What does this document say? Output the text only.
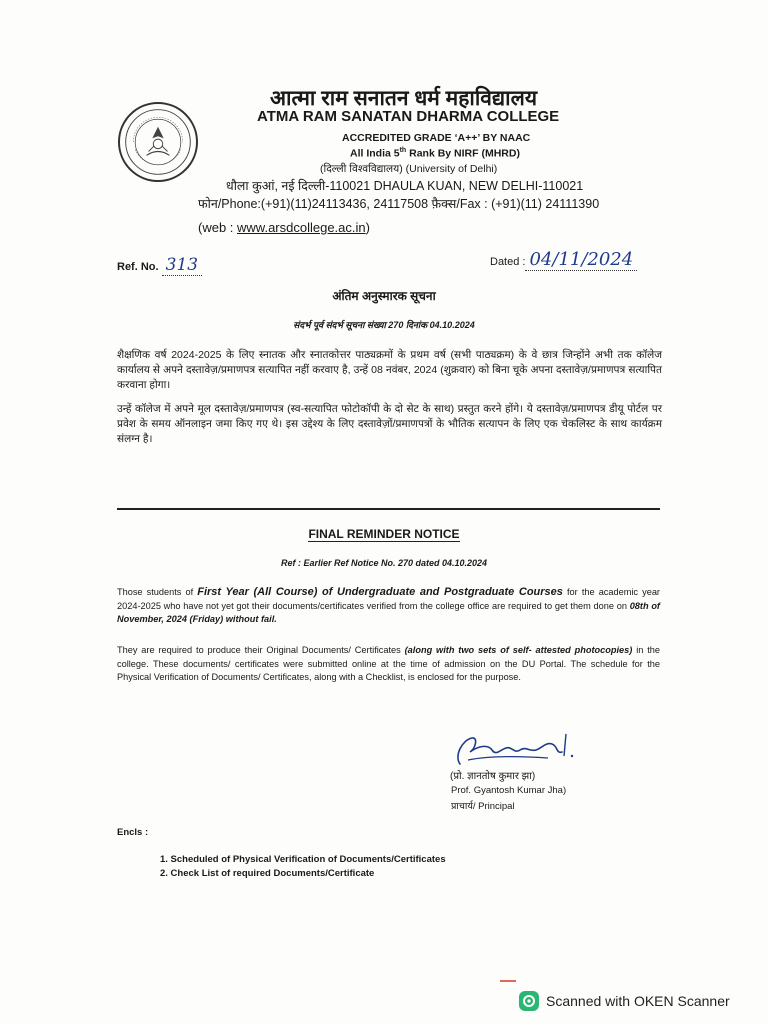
आत्मा राम सनातन धर्म महाविद्यालय
ATMA RAM SANATAN DHARMA COLLEGE
ACCREDITED GRADE ‘A++’ BY NAAC
All India 5th Rank By NIRF (MHRD)
(दिल्ली विश्वविद्यालय) (University of Delhi)
धौला कुआं, नई दिल्ली-110021 DHAULA KUAN, NEW DELHI-110021
फोन/Phone:(+91)(11)24113436, 24117508 फ़ैक्स/Fax : (+91)(11) 24111390
(web : www.arsdcollege.ac.in)
Ref. No. 313	Dated : 04/11/2024
अंतिम अनुस्मारक सूचना
संदर्भ पूर्व संदर्भ सूचना संख्या 270 दिनांक 04.10.2024
शैक्षणिक वर्ष 2024-2025 के लिए स्नातक और स्नातकोत्तर पाठ्यक्रमों के प्रथम वर्ष (सभी पाठ्यक्रम) के वे छात्र जिन्होंने अभी तक कॉलेज कार्यालय से अपने दस्तावेज़/प्रमाणपत्र सत्यापित नहीं करवाए है, उन्हें 08 नवंबर, 2024 (शुक्रवार) को बिना चूके अपना दस्तावेज़/प्रमाणपत्र सत्यापित करवाना होगा।
उन्हें कॉलेज में अपने मूल दस्तावेज़/प्रमाणपत्र (स्व-सत्यापित फोटोकॉपी के दो सेट के साथ) प्रस्तुत करने होंगे। ये दस्तावेज़/प्रमाणपत्र डीयू पोर्टल पर प्रवेश के समय ऑनलाइन जमा किए गए थे। इस उद्देश्य के लिए दस्तावेज़ों/प्रमाणपत्रों के भौतिक सत्यापन के लिए एक चेकलिस्ट के साथ कार्यक्रम संलग्न है।
FINAL REMINDER NOTICE
Ref : Earlier Ref Notice No. 270 dated 04.10.2024
Those students of First Year (All Course) of Undergraduate and Postgraduate Courses for the academic year 2024-2025 who have not yet got their documents/certificates verified from the college office are required to get them done on 08th of November, 2024 (Friday) without fail.
They are required to produce their Original Documents/ Certificates (along with two sets of self- attested photocopies) in the college. These documents/ certificates were submitted online at the time of admission on the DU Portal. The schedule for the Physical Verification of Documents/ Certificates, along with a Checklist, is enclosed for the purpose.
(प्रो. ज्ञानतोष कुमार झा)
Prof. Gyantosh Kumar Jha)
प्राचार्य/ Principal
Encls :
1. Scheduled of Physical Verification of Documents/Certificates
2. Check List of required Documents/Certificate
Scanned with OKEN Scanner
